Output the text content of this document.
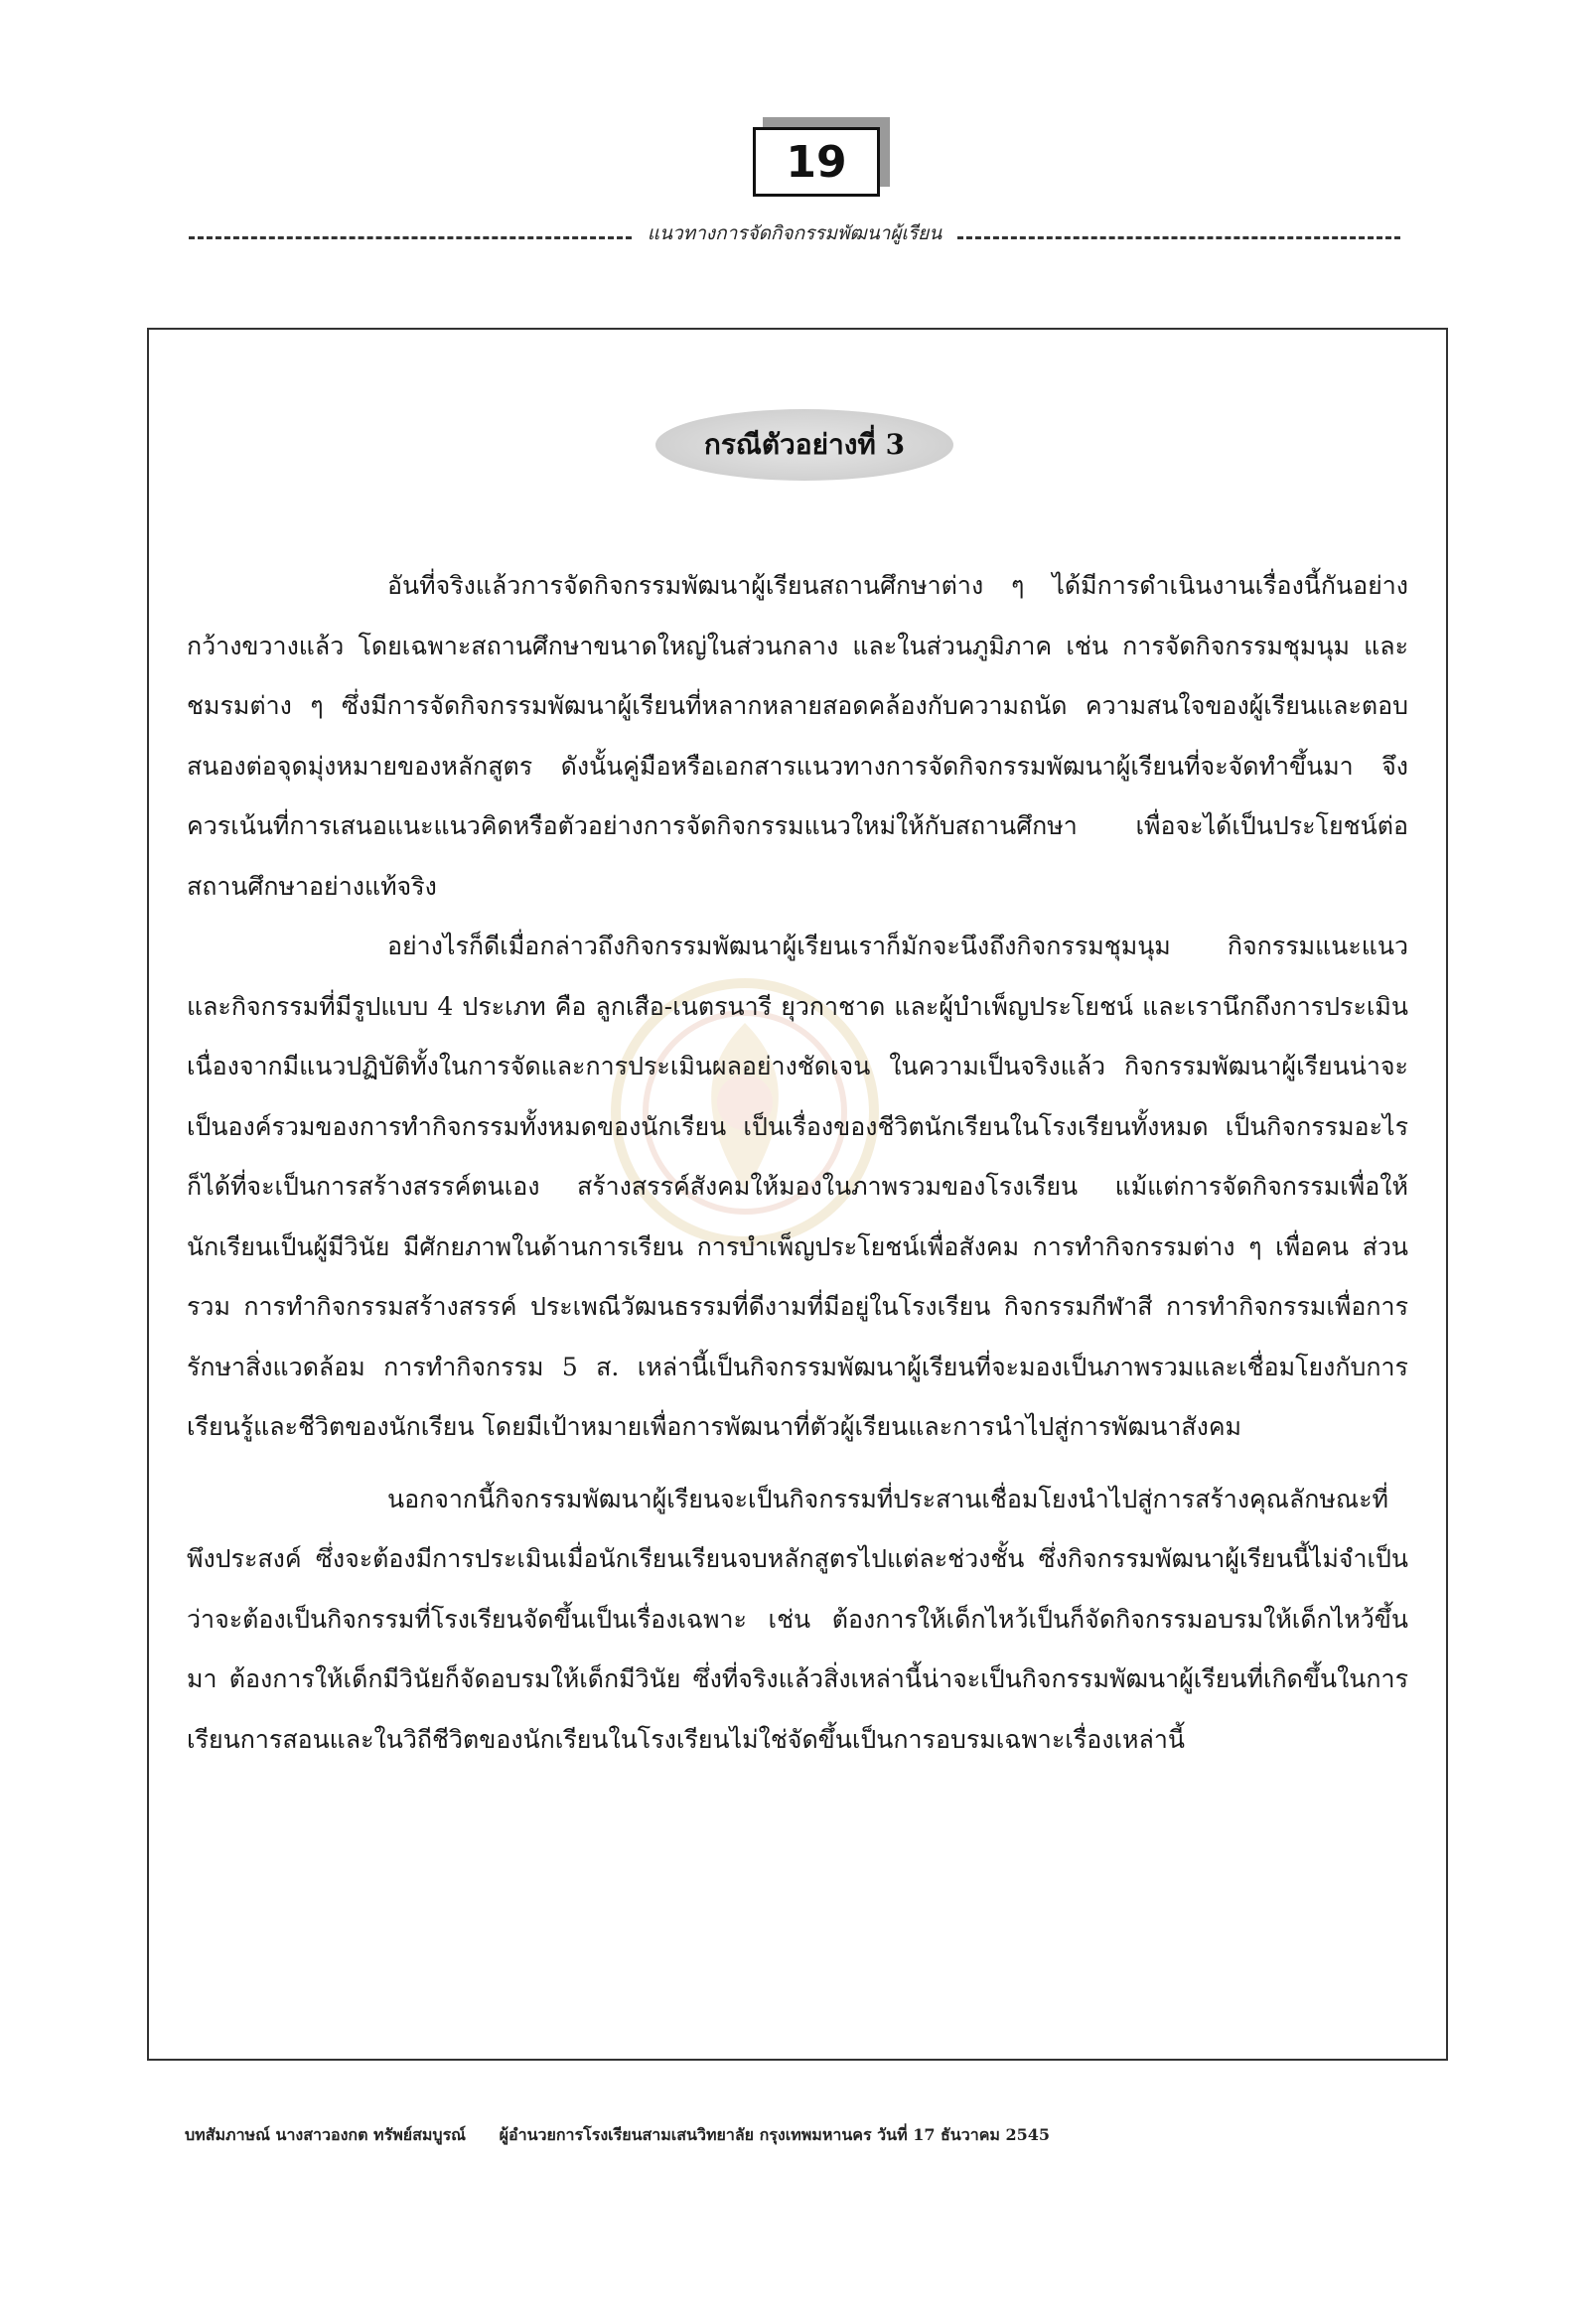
19
แนวทางการจัดกิจกรรมพัฒนาผู้เรียน
กรณีตัวอย่างที่ 3

อันที่จริงแล้วการจัดกิจกรรมพัฒนาผู้เรียนสถานศึกษาต่าง ๆ ได้มีการดำเนินงานเรื่องนี้กันอย่างกว้างขวางแล้ว โดยเฉพาะสถานศึกษาขนาดใหญ่ในส่วนกลาง และในส่วนภูมิภาค เช่น การจัดกิจกรรมชุมนุม และชมรมต่าง ๆ ซึ่งมีการจัดกิจกรรมพัฒนาผู้เรียนที่หลากหลายสอดคล้องกับความถนัด ความสนใจของผู้เรียนและตอบสนองต่อจุดมุ่งหมายของหลักสูตร ดังนั้นคู่มือหรือเอกสารแนวทางการจัดกิจกรรมพัฒนาผู้เรียนที่จะจัดทำขึ้นมา จึงควรเน้นที่การเสนอแนะแนวคิดหรือตัวอย่างการจัดกิจกรรมแนวใหม่ให้กับสถานศึกษา เพื่อจะได้เป็นประโยชน์ต่อสถานศึกษาอย่างแท้จริง

อย่างไรก็ดีเมื่อกล่าวถึงกิจกรรมพัฒนาผู้เรียนเราก็มักจะนึงถึงกิจกรรมชุมนุม กิจกรรมแนะแนว และกิจกรรมที่มีรูปแบบ 4 ประเภท คือ ลูกเสือ-เนตรนารี ยุวกาชาด และผู้บำเพ็ญประโยชน์ และเรานึกถึงการประเมิน เนื่องจากมีแนวปฏิบัติทั้งในการจัดและการประเมินผลอย่างชัดเจน ในความเป็นจริงแล้ว กิจกรรมพัฒนาผู้เรียนน่าจะเป็นองค์รวมของการทำกิจกรรมทั้งหมดของนักเรียน เป็นเรื่องของชีวิตนักเรียนในโรงเรียนทั้งหมด เป็นกิจกรรมอะไรก็ได้ที่จะเป็นการสร้างสรรค์ตนเอง สร้างสรรค์สังคมให้มองในภาพรวมของโรงเรียน แม้แต่การจัดกิจกรรมเพื่อให้นักเรียนเป็นผู้มีวินัย มีศักยภาพในด้านการเรียน การบำเพ็ญประโยชน์เพื่อสังคม การทำกิจกรรมต่าง ๆ เพื่อคน ส่วนรวม การทำกิจกรรมสร้างสรรค์ ประเพณีวัฒนธรรมที่ดีงามที่มีอยู่ในโรงเรียน กิจกรรมกีฬาสี การทำกิจกรรมเพื่อการรักษาสิ่งแวดล้อม การทำกิจกรรม 5 ส. เหล่านี้เป็นกิจกรรมพัฒนาผู้เรียนที่จะมองเป็นภาพรวมและเชื่อมโยงกับการเรียนรู้และชีวิตของนักเรียน โดยมีเป้าหมายเพื่อการพัฒนาที่ตัวผู้เรียนและการนำไปสู่การพัฒนาสังคม

นอกจากนี้กิจกรรมพัฒนาผู้เรียนจะเป็นกิจกรรมที่ประสานเชื่อมโยงนำไปสู่การสร้างคุณลักษณะที่พึงประสงค์ ซึ่งจะต้องมีการประเมินเมื่อนักเรียนเรียนจบหลักสูตรไปแต่ละช่วงชั้น ซึ่งกิจกรรมพัฒนาผู้เรียนนี้ไม่จำเป็นว่าจะต้องเป็นกิจกรรมที่โรงเรียนจัดขึ้นเป็นเรื่องเฉพาะ เช่น ต้องการให้เด็กไหว้เป็นก็จัดกิจกรรมอบรมให้เด็กไหว้ขึ้นมา ต้องการให้เด็กมีวินัยก็จัดอบรมให้เด็กมีวินัย ซึ่งที่จริงแล้วสิ่งเหล่านี้น่าจะเป็นกิจกรรมพัฒนาผู้เรียนที่เกิดขึ้นในการเรียนการสอนและในวิถีชีวิตของนักเรียนในโรงเรียนไม่ใช่จัดขึ้นเป็นการอบรมเฉพาะเรื่องเหล่านี้

บทสัมภาษณ์ นางสาวองกต ทรัพย์สมบูรณ์ ผู้อำนวยการโรงเรียนสามเสนวิทยาลัย กรุงเทพมหานคร วันที่ 17 ธันวาคม 2545
